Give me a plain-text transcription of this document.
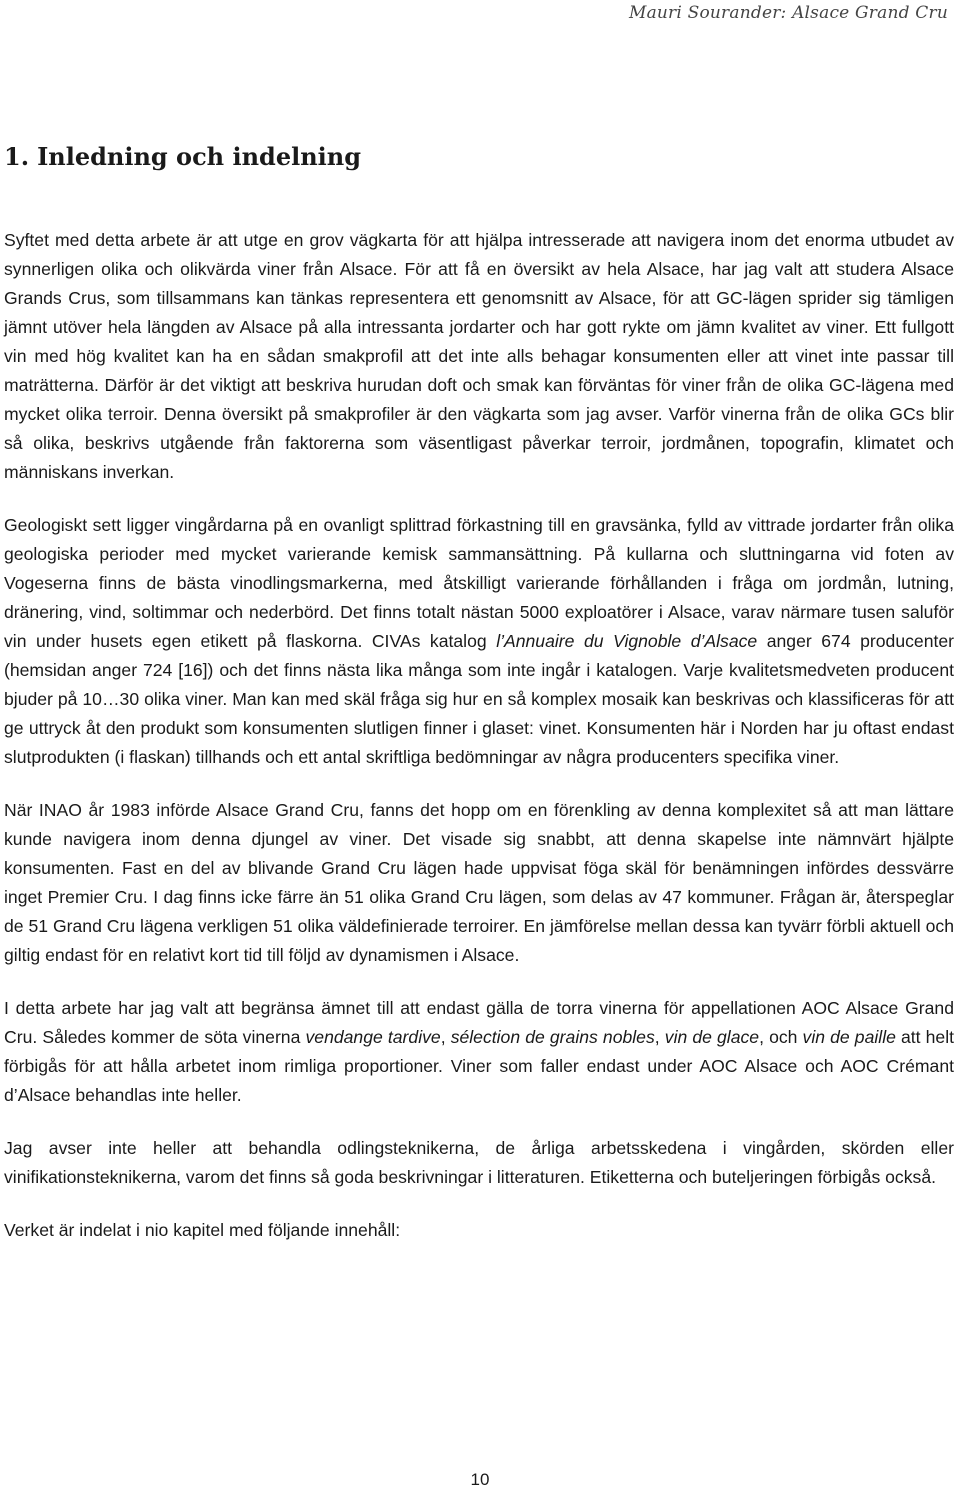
Mauri Sourander: Alsace Grand Cru
1. Inledning och indelning

Syftet med detta arbete är att utge en grov vägkarta för att hjälpa intresserade att navigera inom det enorma utbudet av synnerligen olika och olikvärda viner från Alsace. För att få en översikt av hela Alsace, har jag valt att studera Alsace Grands Crus, som tillsammans kan tänkas representera ett genomsnitt av Alsace, för att GC-lägen sprider sig tämligen jämnt utöver hela längden av Alsace på alla intressanta jordarter och har gott rykte om jämn kvalitet av viner. Ett fullgott vin med hög kvalitet kan ha en sådan smakprofil att det inte alls behagar konsumenten eller att vinet inte passar till maträtterna. Därför är det viktigt att beskriva hurudan doft och smak kan förväntas för viner från de olika GC-lägena med mycket olika terroir. Denna översikt på smakprofiler är den vägkarta som jag avser. Varför vinerna från de olika GCs blir så olika, beskrivs utgående från faktorerna som väsentligast påverkar terroir, jordmånen, topografin, klimatet och människans inverkan.

Geologiskt sett ligger vingårdarna på en ovanligt splittrad förkastning till en gravsänka, fylld av vittrade jordarter från olika geologiska perioder med mycket varierande kemisk sammansättning. På kullarna och sluttningarna vid foten av Vogeserna finns de bästa vinodlingsmarkerna, med åtskilligt varierande förhållanden i fråga om jordmån, lutning, dränering, vind, soltimmar och nederbörd. Det finns totalt nästan 5000 exploatörer i Alsace, varav närmare tusen saluför vin under husets egen etikett på flaskorna. CIVAs katalog l’Annuaire du Vignoble d’Alsace anger 674 producenter (hemsidan anger 724 [16]) och det finns nästa lika många som inte ingår i katalogen. Varje kvalitetsmedveten producent bjuder på 10…30 olika viner. Man kan med skäl fråga sig hur en så komplex mosaik kan beskrivas och klassificeras för att ge uttryck åt den produkt som konsumenten slutligen finner i glaset: vinet. Konsumenten här i Norden har ju oftast endast slutprodukten (i flaskan) tillhands och ett antal skriftliga bedömningar av några producenters specifika viner.

När INAO år 1983 införde Alsace Grand Cru, fanns det hopp om en förenkling av denna komplexitet så att man lättare kunde navigera inom denna djungel av viner. Det visade sig snabbt, att denna skapelse inte nämnvärt hjälpte konsumenten. Fast en del av blivande Grand Cru lägen hade uppvisat föga skäl för benämningen infördes dessvärre inget Premier Cru. I dag finns icke färre än 51 olika Grand Cru lägen, som delas av 47 kommuner. Frågan är, återspeglar de 51 Grand Cru lägena verkligen 51 olika väldefinierade terroirer. En jämförelse mellan dessa kan tyvärr förbli aktuell och giltig endast för en relativt kort tid till följd av dynamismen i Alsace.

I detta arbete har jag valt att begränsa ämnet till att endast gälla de torra vinerna för appellationen AOC Alsace Grand Cru. Således kommer de söta vinerna vendange tardive, sélection de grains nobles, vin de glace, och vin de paille att helt förbigås för att hålla arbetet inom rimliga proportioner. Viner som faller endast under AOC Alsace och AOC Crémant d’Alsace behandlas inte heller.

Jag avser inte heller att behandla odlingsteknikerna, de årliga arbetsskedena i vingården, skörden eller vinifikationsteknikerna, varom det finns så goda beskrivningar i litteraturen. Etiketterna och buteljeringen förbigås också.

Verket är indelat i nio kapitel med följande innehåll:

10
